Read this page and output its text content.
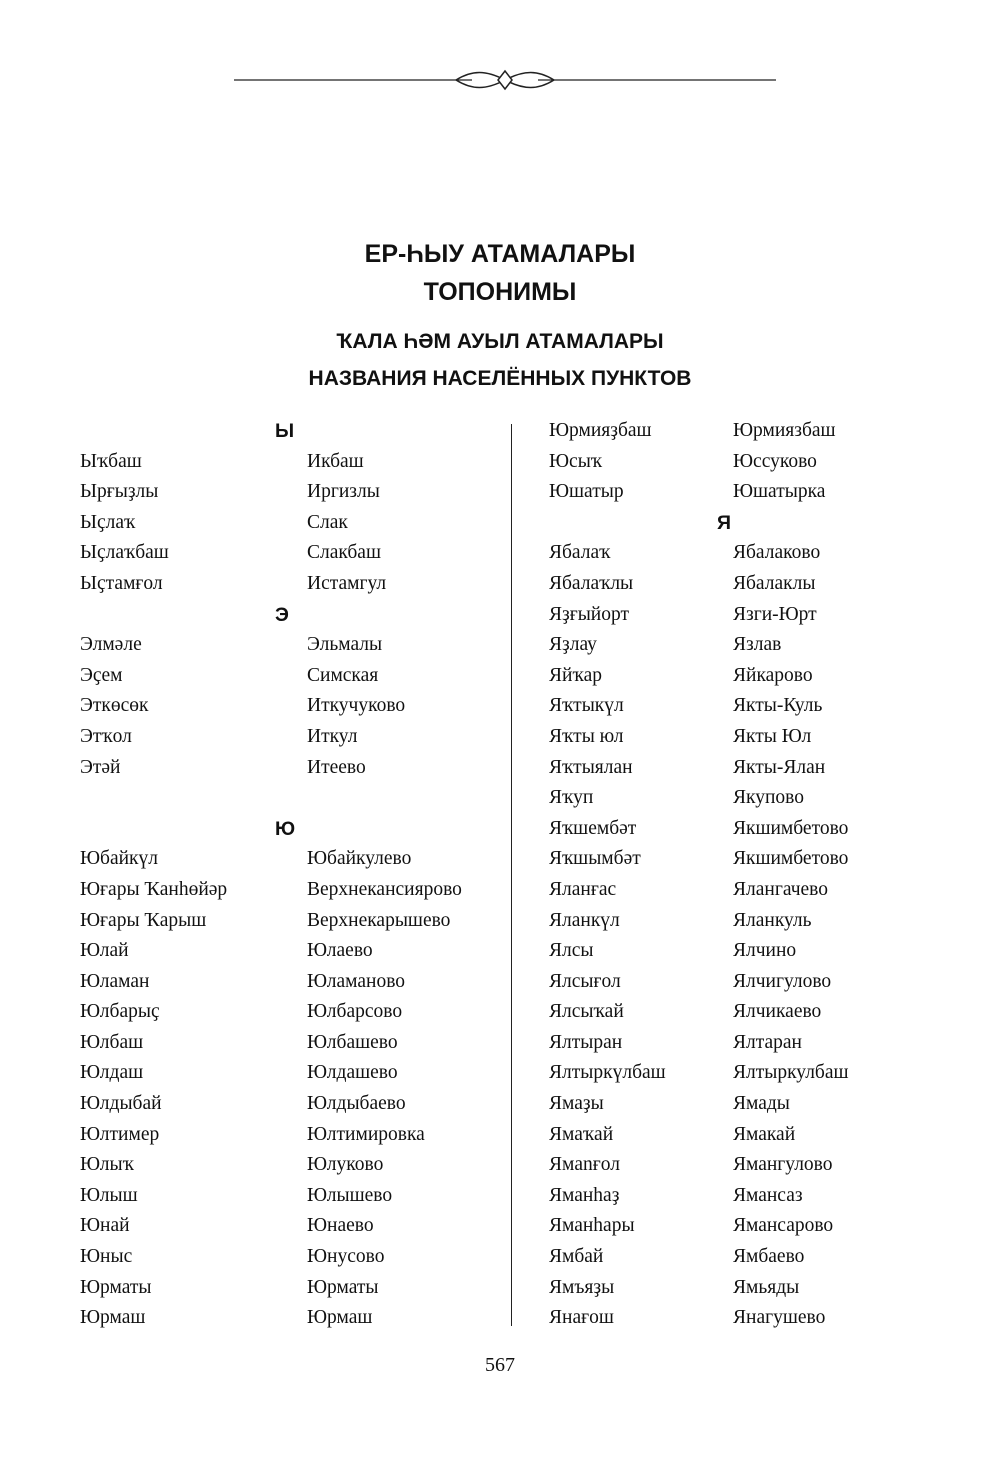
ЕР-ҺЫУ АТАМАЛАРЫ
ТОПОНИМЫ
ҠАЛА ҺӘМ АУЫЛ АТАМАЛАРЫ
НАЗВАНИЯ НАСЕЛЁННЫХ ПУНКТОВ
Ы
Ыҡбаш	Икбаш
Ырғыҙлы	Иргизлы
Ыҫлаҡ	Слак
Ыҫлаҡбаш	Слакбаш
Ыҫтамғол	Истамгул
Э
Элмәле	Эльмалы
Эҫем	Симская
Эткөсөк	Иткучуково
Этҡол	Иткул
Этәй	Итеево
Ю
Юбайкүл	Юбайкулево
Юғары Ҡанһөйәр	Верхнекансиярово
Юғары Ҡарыш	Верхнекарышево
Юлай	Юлаево
Юламан	Юламаново
Юлбарыҫ	Юлбарсово
Юлбаш	Юлбашево
Юлдаш	Юлдашево
Юлдыбай	Юлдыбаево
Юлтимер	Юлтимировка
Юлыҡ	Юлуково
Юлыш	Юлышево
Юнай	Юнаево
Юныс	Юнусово
Юрматы	Юрматы
Юрмаш	Юрмаш
Юрмияҙбаш	Юрмиязбаш
Юсыҡ	Юссуково
Юшатыр	Юшатырка
Я
Ябалаҡ	Ябалаково
Ябалаҡлы	Ябалаклы
Яҙғыйорт	Язги-Юрт
Яҙлау	Язлав
Яйҡар	Яйкарово
Яҡтыкүл	Якты-Куль
Яҡты юл	Якты Юл
Яҡтыялан	Якты-Ялан
Яҡуп	Якупово
Яҡшембәт	Якшимбетово
Яҡшымбәт	Якшимбетово
Яланғас	Ялангачево
Яланкүл	Яланкуль
Ялсы	Ялчино
Ялсығол	Ялчигулово
Ялсыҡай	Ялчикаево
Ялтыран	Ялтаран
Ялтыркүлбаш	Ялтыркулбаш
Ямаҙы	Ямады
Ямаҡай	Ямакай
Ямanғол	Ямангулово
Яманһаҙ	Ямансаз
Яманһары	Ямансарово
Ямбай	Ямбаево
Ямъяҙы	Ямьяды
Янағош	Янагушево
567
